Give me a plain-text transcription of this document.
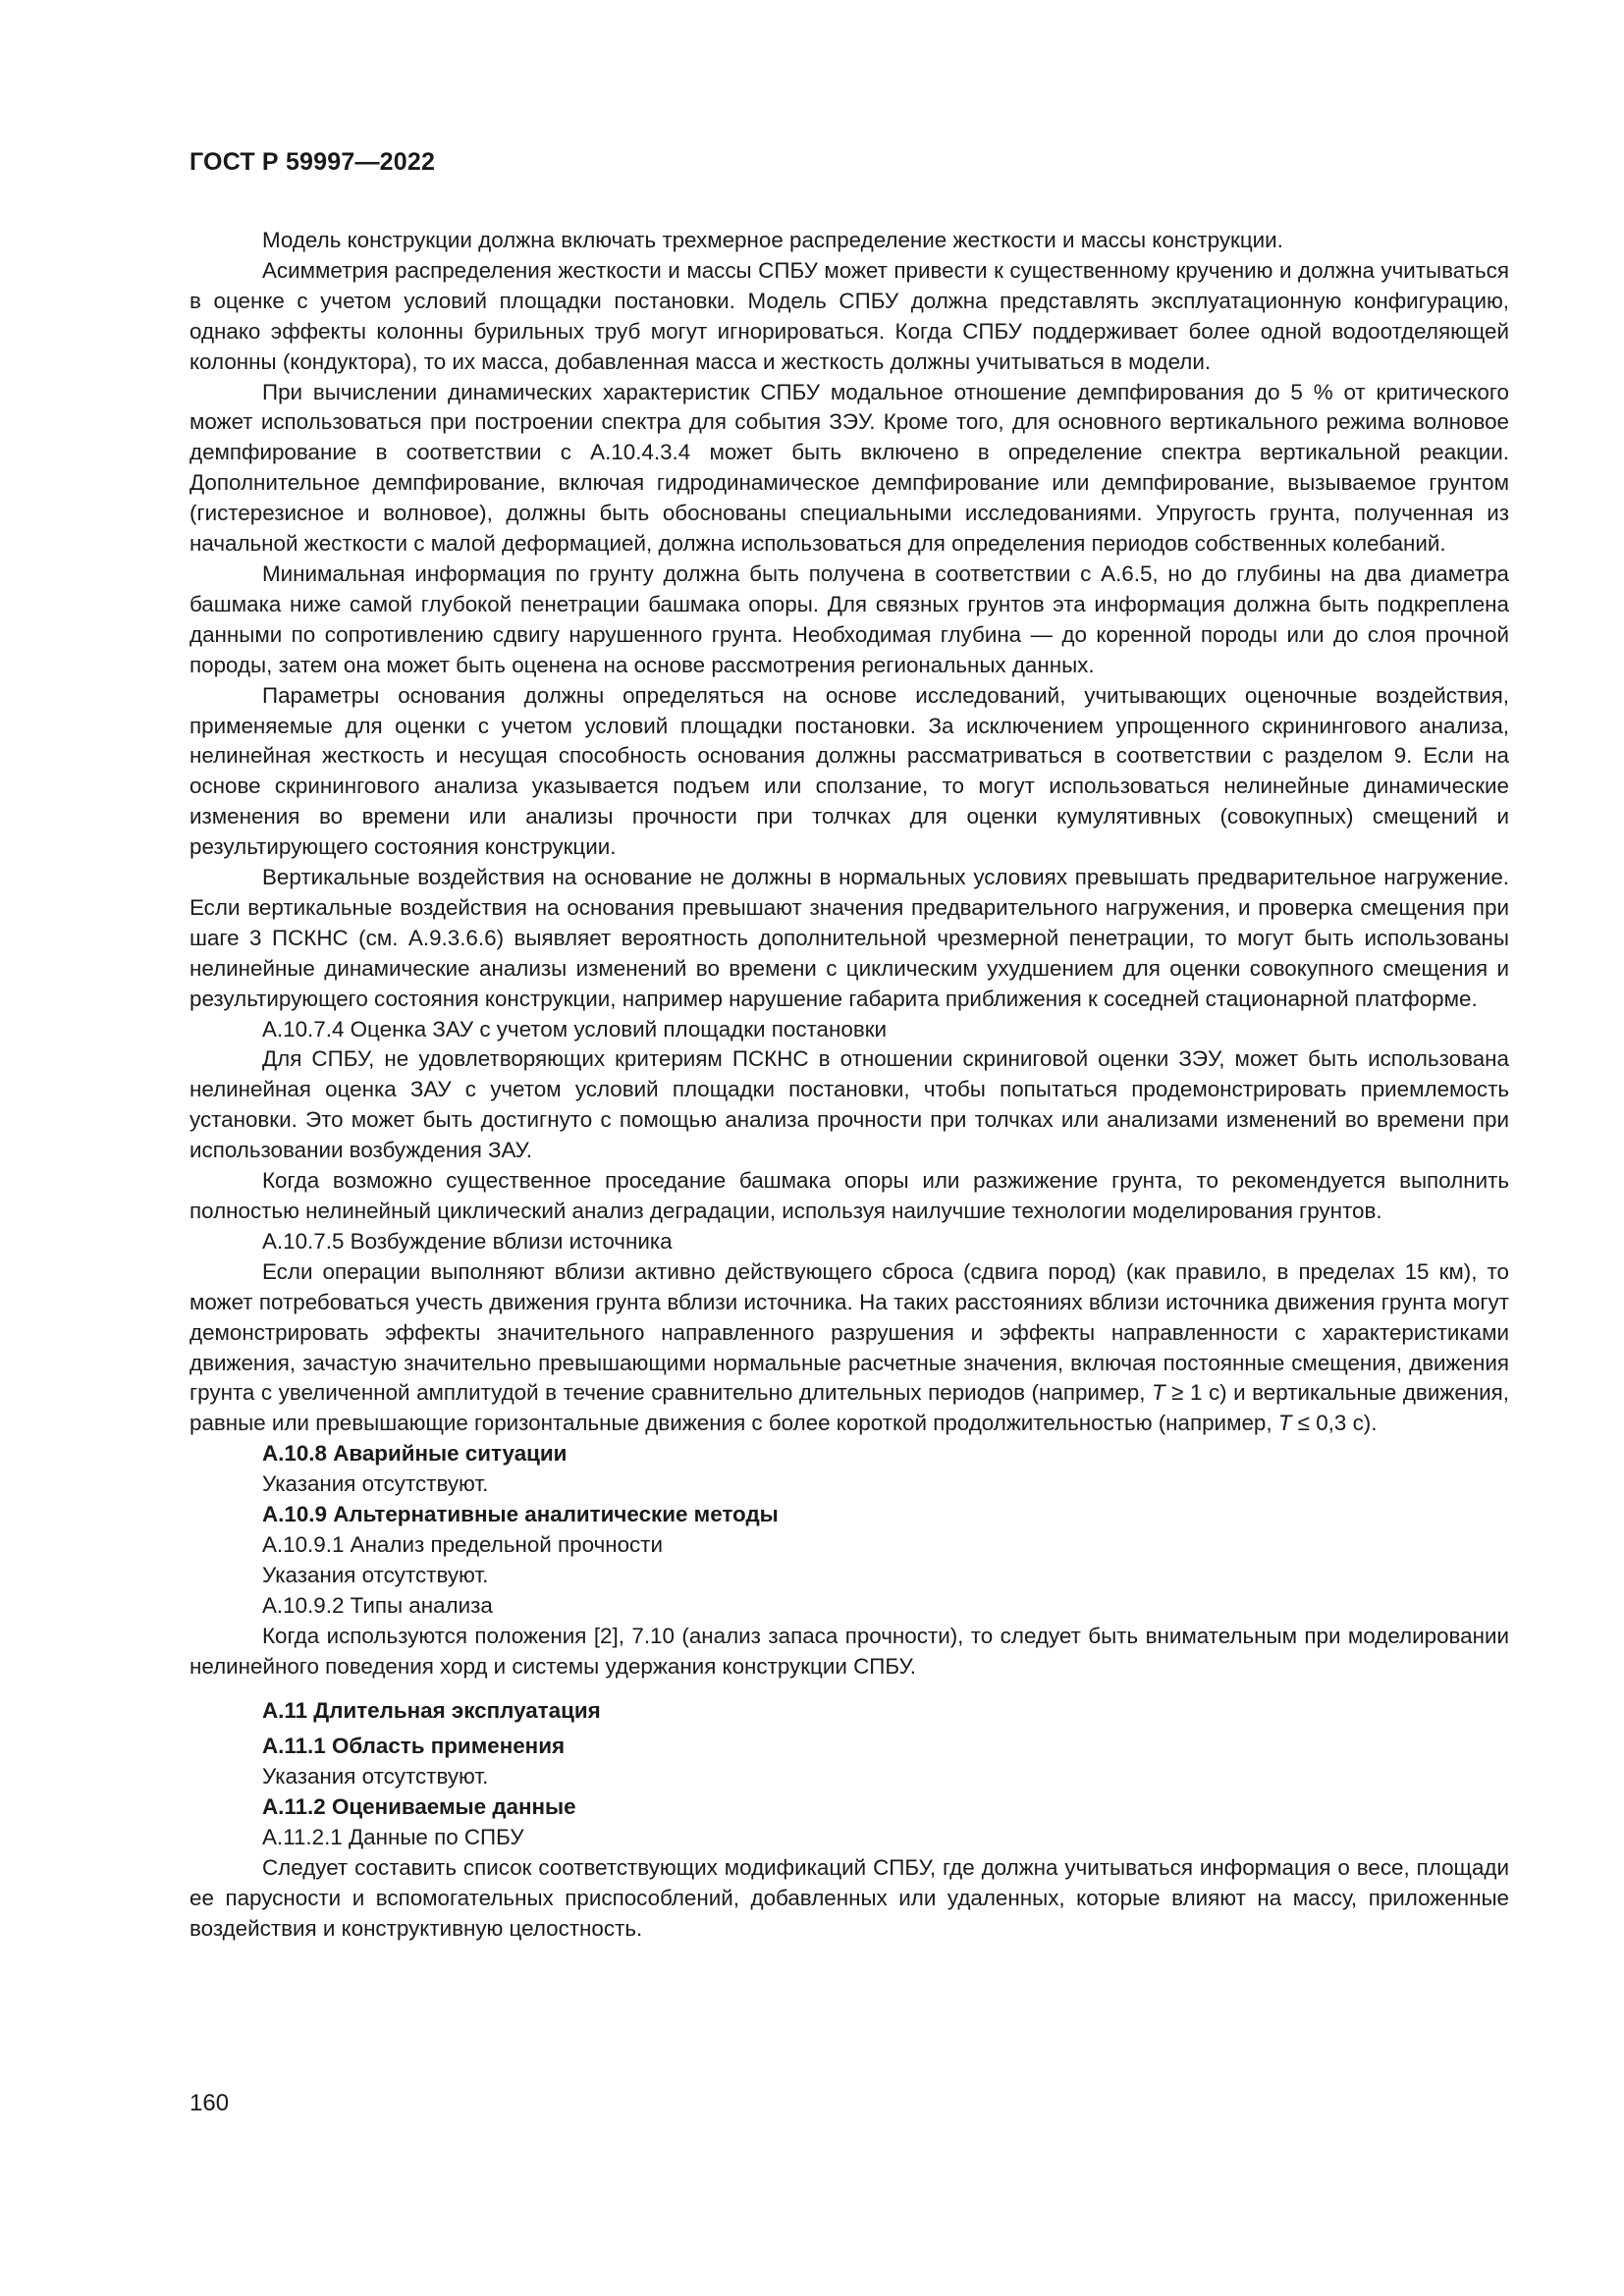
ГОСТ Р 59997—2022

Модель конструкции должна включать трехмерное распределение жесткости и массы конструкции.

Асимметрия распределения жесткости и массы СПБУ может привести к существенному кручению и должна учитываться в оценке с учетом условий площадки постановки. Модель СПБУ должна представлять эксплуатационную конфигурацию, однако эффекты колонны бурильных труб могут игнорироваться. Когда СПБУ поддерживает более одной водоотделяющей колонны (кондуктора), то их масса, добавленная масса и жесткость должны учитываться в модели.

При вычислении динамических характеристик СПБУ модальное отношение демпфирования до 5 % от критического может использоваться при построении спектра для события ЗЭУ. Кроме того, для основного вертикального режима волновое демпфирование в соответствии с А.10.4.3.4 может быть включено в определение спектра вертикальной реакции. Дополнительное демпфирование, включая гидродинамическое демпфирование или демпфирование, вызываемое грунтом (гистерезисное и волновое), должны быть обоснованы специальными исследованиями. Упругость грунта, полученная из начальной жесткости с малой деформацией, должна использоваться для определения периодов собственных колебаний.

Минимальная информация по грунту должна быть получена в соответствии с А.6.5, но до глубины на два диаметра башмака ниже самой глубокой пенетрации башмака опоры. Для связных грунтов эта информация должна быть подкреплена данными по сопротивлению сдвигу нарушенного грунта. Необходимая глубина — до коренной породы или до слоя прочной породы, затем она может быть оценена на основе рассмотрения региональных данных.

Параметры основания должны определяться на основе исследований, учитывающих оценочные воздействия, применяемые для оценки с учетом условий площадки постановки. За исключением упрощенного скринингового анализа, нелинейная жесткость и несущая способность основания должны рассматриваться в соответствии с разделом 9. Если на основе скринингового анализа указывается подъем или сползание, то могут использоваться нелинейные динамические изменения во времени или анализы прочности при толчках для оценки кумулятивных (совокупных) смещений и результирующего состояния конструкции.

Вертикальные воздействия на основание не должны в нормальных условиях превышать предварительное нагружение. Если вертикальные воздействия на основания превышают значения предварительного нагружения, и проверка смещения при шаге 3 ПСКНС (см. А.9.3.6.6) выявляет вероятность дополнительной чрезмерной пенетрации, то могут быть использованы нелинейные динамические анализы изменений во времени с циклическим ухудшением для оценки совокупного смещения и результирующего состояния конструкции, например нарушение габарита приближения к соседней стационарной платформе.

А.10.7.4 Оценка ЗАУ с учетом условий площадки постановки

Для СПБУ, не удовлетворяющих критериям ПСКНС в отношении скриниговой оценки ЗЭУ, может быть использована нелинейная оценка ЗАУ с учетом условий площадки постановки, чтобы попытаться продемонстрировать приемлемость установки. Это может быть достигнуто с помощью анализа прочности при толчках или анализами изменений во времени при использовании возбуждения ЗАУ.

Когда возможно существенное проседание башмака опоры или разжижение грунта, то рекомендуется выполнить полностью нелинейный циклический анализ деградации, используя наилучшие технологии моделирования грунтов.

А.10.7.5 Возбуждение вблизи источника

Если операции выполняют вблизи активно действующего сброса (сдвига пород) (как правило, в пределах 15 км), то может потребоваться учесть движения грунта вблизи источника. На таких расстояниях вблизи источника движения грунта могут демонстрировать эффекты значительного направленного разрушения и эффекты направленности с характеристиками движения, зачастую значительно превышающими нормальные расчетные значения, включая постоянные смещения, движения грунта с увеличенной амплитудой в течение сравнительно длительных периодов (например, T ≥ 1 с) и вертикальные движения, равные или превышающие горизонтальные движения с более короткой продолжительностью (например, T ≤ 0,3 с).

А.10.8 Аварийные ситуации

Указания отсутствуют.

А.10.9 Альтернативные аналитические методы

А.10.9.1 Анализ предельной прочности

Указания отсутствуют.

А.10.9.2 Типы анализа

Когда используются положения [2], 7.10 (анализ запаса прочности), то следует быть внимательным при моделировании нелинейного поведения хорд и системы удержания конструкции СПБУ.

А.11 Длительная эксплуатация

А.11.1 Область применения

Указания отсутствуют.

А.11.2 Оцениваемые данные

А.11.2.1 Данные по СПБУ

Следует составить список соответствующих модификаций СПБУ, где должна учитываться информация о весе, площади ее парусности и вспомогательных приспособлений, добавленных или удаленных, которые влияют на массу, приложенные воздействия и конструктивную целостность.

160
